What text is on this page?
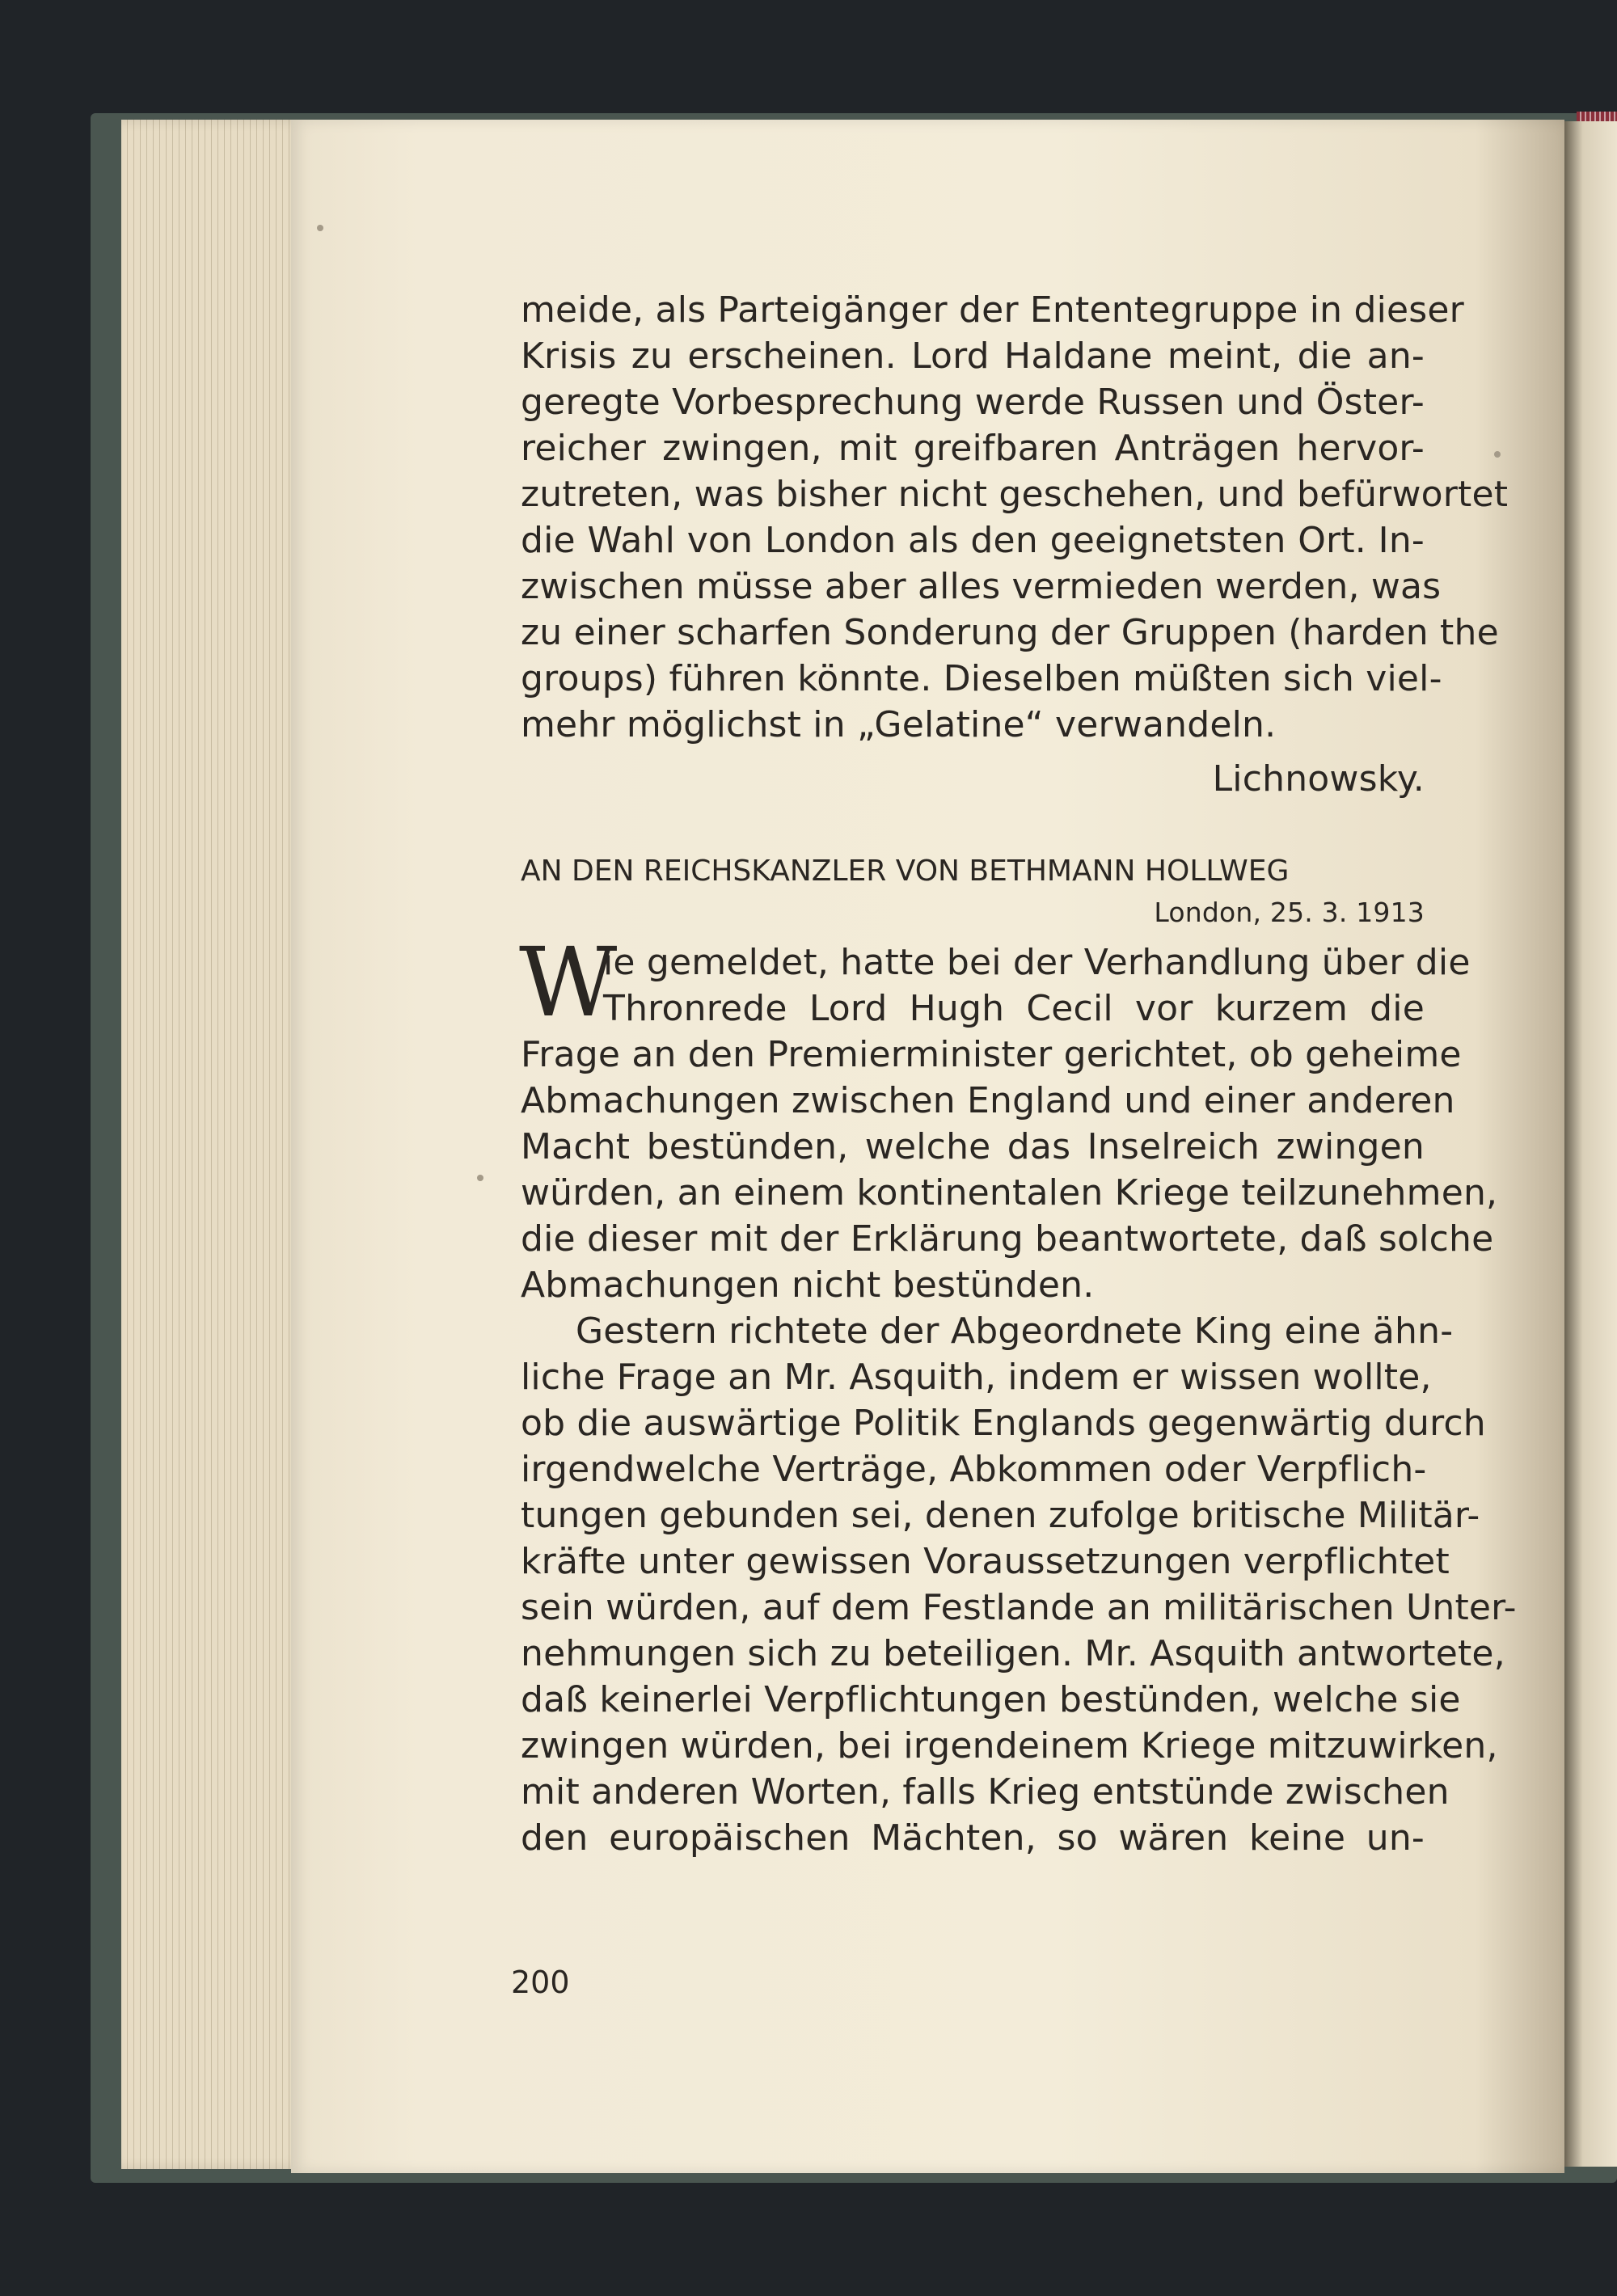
meide, als Parteigänger der Ententegruppe in dieser
Krisis zu erscheinen. Lord Haldane meint, die an-
geregte Vorbesprechung werde Russen und Öster-
reicher zwingen, mit greifbaren Anträgen hervor-
zutreten, was bisher nicht geschehen, und befürwortet
die Wahl von London als den geeignetsten Ort. In-
zwischen müsse aber alles vermieden werden, was
zu einer scharfen Sonderung der Gruppen (harden the
groups) führen könnte. Dieselben müßten sich viel-
mehr möglichst in „Gelatine“ verwandeln.
Lichnowsky.
AN DEN REICHSKANZLER VON BETHMANN HOLLWEG
London, 25. 3. 1913
W
ie gemeldet, hatte bei der Verhandlung über die
Thronrede Lord Hugh Cecil vor kurzem die
Frage an den Premierminister gerichtet, ob geheime
Abmachungen zwischen England und einer anderen
Macht bestünden, welche das Inselreich zwingen
würden, an einem kontinentalen Kriege teilzunehmen,
die dieser mit der Erklärung beantwortete, daß solche
Abmachungen nicht bestünden.
Gestern richtete der Abgeordnete King eine ähn-
liche Frage an Mr. Asquith, indem er wissen wollte,
ob die auswärtige Politik Englands gegenwärtig durch
irgendwelche Verträge, Abkommen oder Verpflich-
tungen gebunden sei, denen zufolge britische Militär-
kräfte unter gewissen Voraussetzungen verpflichtet
sein würden, auf dem Festlande an militärischen Unter-
nehmungen sich zu beteiligen. Mr. Asquith antwortete,
daß keinerlei Verpflichtungen bestünden, welche sie
zwingen würden, bei irgendeinem Kriege mitzuwirken,
mit anderen Worten, falls Krieg entstünde zwischen
den europäischen Mächten, so wären keine un-
200
